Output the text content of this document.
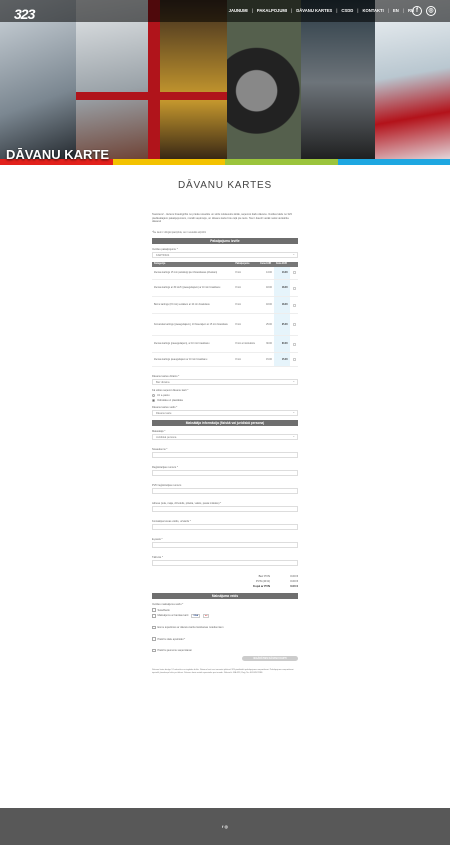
323	JAUNUMI | PAKALPOJUMI | DĀVANU KARTES | CSDD | KONTAKTI | EN | RU f	◎
DĀVANU KARTE
DĀVANU KARTES

Sveiciens! - ikviens brauktgribis no prieka nosarktu un sirds noklauvētu ātrāk, saņemot šādu dāvanu. Izvēlies kādu no 323 piedāvātajiem pakalpojumiem, norādi saņēmēju, un dāvanu karte būs ceļā pie tevis. Tas ir daudz vairāk nekā vienkārša dāvana!

*Šie lauki ir obligāti jāaizpilda, vai ir savādāk aizpildīti

Pakalpojumu izvēle
Izvēlies pakalpojumu *
KARTINGS ⌄
Kategorija	Pakalpojums	Cena EUR	Cena EUR	
Ziemas kartings 15 min patstāvīgi pie izbraukšanas (cilvēkam)	8 min	13.00	13.00	
Ziemas kartings ar 30 km/h (pieaugušajiem) ar 10 min braukšanu	8 min	18.00	18.00	
Bērnu kartings (15 min) vecākiem ar 10 min braukšanu	8 min	18.00	18.00	
Komandas kartings (pieaugušajiem), 10 braucējiem ar 15 min braukšanu	8 min	25.00	25.00	
Ziemas kartings (pieaugušajiem), ar 10 min braukšanu	8 min ar instruktoru	30.00	30.00	
Ziemas kartings pieaugušajiem ar 10 min braukšanu	8 min	15.00	15.00	
Dāvanu kartes dizains *
Bez dizaina ⌄
Kā vēlies saņemt dāvanu karti *
Uz e-pastu
Izdrukāta uz plastikāta
Dāvanu kartes veids *
Dāvanu karte ⌄
Maksātāja informācija (fiziskā vai juridiskā persona)
Maksātājs *
Juridiskā persona ⌄
Nosaukums *
Reģistrācijas numurs *
PVN reģistrācijas numurs
Adrese (iela, māja, dzīvoklis, pilsēta, valsts, pasta indekss) *
Kontaktpersonas vārds, uzvārds *
E-pasts *
Tālrunis *
Bez PVN	0.00 €
PVN (21%)	0.00 €
Kopā ar PVN	0.00 €
Maksājuma veids
Izvēlies maksājuma veidu *
Swedbank
Maksājums ar bankas karti	VISA	●●
Esmu iepazinies ar dāvanu karšu lietošanas noteikumiem
Piekrītu datu apstrādei *
Piekrītu jaunumu saņemšanai
IEGĀDĀTIES DĀVANU KARTI

Dāvanu karte derīga 12 mēnešus no iegādes brīža. Dāvanu karti var izmantot jebkurā 323 piedāvātā pakalpojuma saņemšanai. Pakalpojumu saņemšanai iepriekš jāsaskaņo laiks pa tālruni. Dāvanu karte netiek apmainīta pret naudu. Rekvizīti: SIA 323, Reģ. Nr. 40103522188.

f ◎
